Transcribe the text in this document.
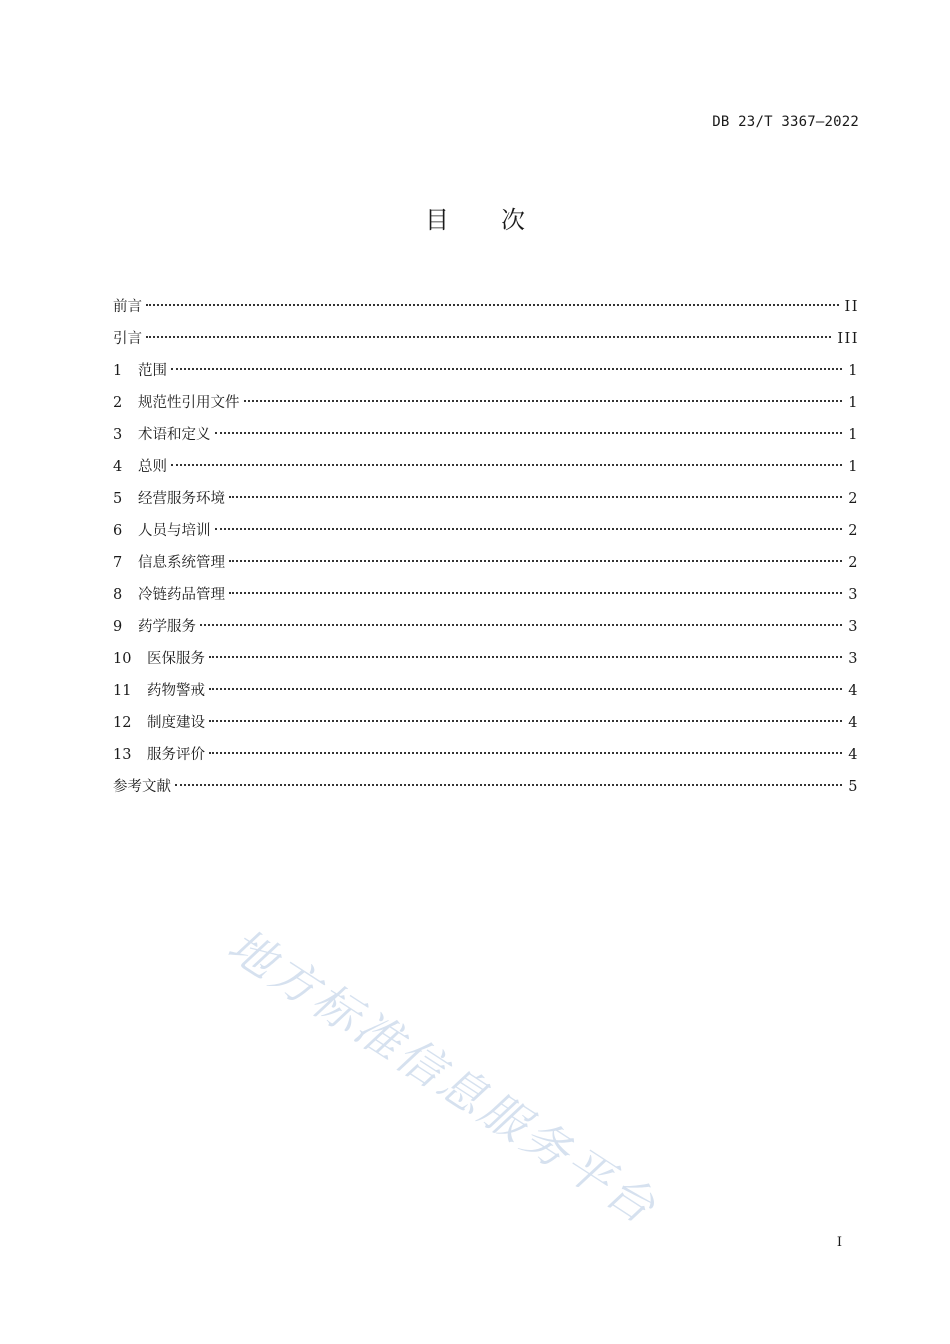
DB 23/T 3367—2022
目次
前言	II
引言	III
1	范围	1
2	规范性引用文件	1
3	术语和定义	1
4	总则	1
5	经营服务环境	2
6	人员与培训	2
7	信息系统管理	2
8	冷链药品管理	3
9	药学服务	3
10	医保服务	3
11	药物警戒	4
12	制度建设	4
13	服务评价	4
参考文献	5
地方标准信息服务平台
I
